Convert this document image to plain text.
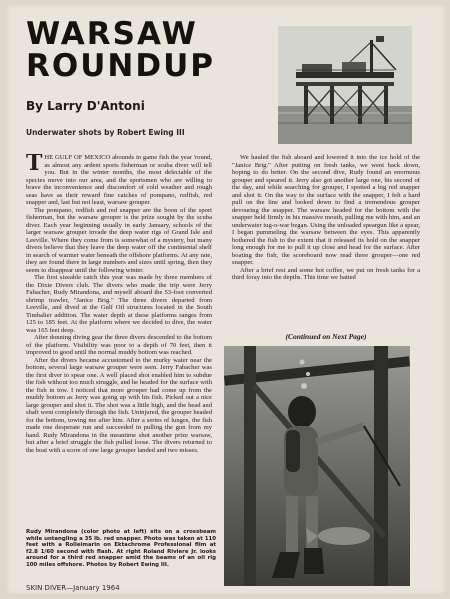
WARSAW
ROUNDUP
By Larry D'Antoni
Underwater shots by Robert Ewing III

THE GULF OF MEXICO abounds in game fish the year 'round, as almost any ardent sports fisherman or scuba diver will tell you. But in the winter months, the most delectable of the species move into our area, and the sportsmen who are willing to brave the inconvenience and discomfort of cold weather and rough seas have as their reward fine catches of pompano, redfish, red snapper and, last but not least, warsaw grouper.

The pompano, redfish and red snapper are the boon of the sport fisherman, but the warsaw grouper is the prize sought by the scuba diver. Each year beginning usually in early January, schools of the larger warsaw grouper invade the deep water rigs of Grand Isle and Leeville. Where they come from is somewhat of a mystery, but many divers believe that they leave the deep water off the continental shelf in search of warmer water beneath the offshore platforms. At any rate, they are found there in large numbers and sizes until spring, then they seem to disappear until the following winter.

The first sizeable catch this year was made by three members of the Dixie Divers club. The divers who made the trip were Jerry Fabacher, Rudy Mirandona, and myself aboard the 53-foot converted shrimp trawler, "Janice Brig." The three divers departed from Leeville, and dived at the Gulf Oil structures located in the South Timbalier addition. The water depth at these platforms ranges from 125 to 185 feet. At the platform where we decided to dive, the water was 165 feet deep.

After donning diving gear the three divers descended to the bottom of the platform. Visibility was poor to a depth of 70 feet, then it improved to good until the normal muddy bottom was reached.

After the divers became accustomed to the murky water near the bottom, several large warsaw grouper were seen. Jerry Fabacher was the first diver to spear one. A well placed shot enabled him to subdue the fish without too much struggle, and he headed for the surface with the fish in tow. I noticed that more grouper had come up from the muddy bottom as Jerry was going up with his fish. Picked out a nice large grouper and shot it. The shot was a little high, and the head and shaft went completely through the fish. Uninjured, the grouper headed for the bottom, towing me after him. After a series of lunges, the fish made one desperate run and succeeded in pulling the gun from my hand. Rudy Mirandona in the meantime shot another prize warsaw, but after a brief struggle the fish pulled loose. The divers returned to the boat with a score of one large grouper landed and two misses.

We hauled the fish aboard and lowered it into the ice hold of the "Janice Brig." After putting on fresh tanks, we went back down, hoping to do better. On the second dive, Rudy found an enormous grouper and speared it. Jerry also got another large one, his second of the day, and while searching for grouper, I spotted a big red snapper and shot it. On the way to the surface with the snapper, I felt a hard pull on the line and looked down to find a tremendous grouper devouring the snapper. The warsaw headed for the bottom with the snapper held firmly in his massive mouth, pulling me with him, and an underwater tug-o-war began. Using the unloaded speargun like a spear, I began pummeling the warsaw between the eyes. This apparently bothered the fish to the extent that it released its hold on the snapper long enough for me to pull it up close and head for the surface. After boating the fish, the scoreboard now read three grouper—one red snapper.

After a brief rest and some hot coffee, we put on fresh tanks for a third foray into the depths. This time we batted

(Continued on Next Page)
Rudy Mirandona (color photo at left) sits on a crossbeam while untangling a 35 lb. red snapper. Photo was taken at 110 feet with a Rolleimarin on Ektachrome Professional film at f2.8 1/60 second with flash. At right Roland Riviere Jr. looks around for a third red snapper amid the beams of an oil rig 100 miles offshore. Photos by Robert Ewing III.
SKIN DIVER—January 1964
